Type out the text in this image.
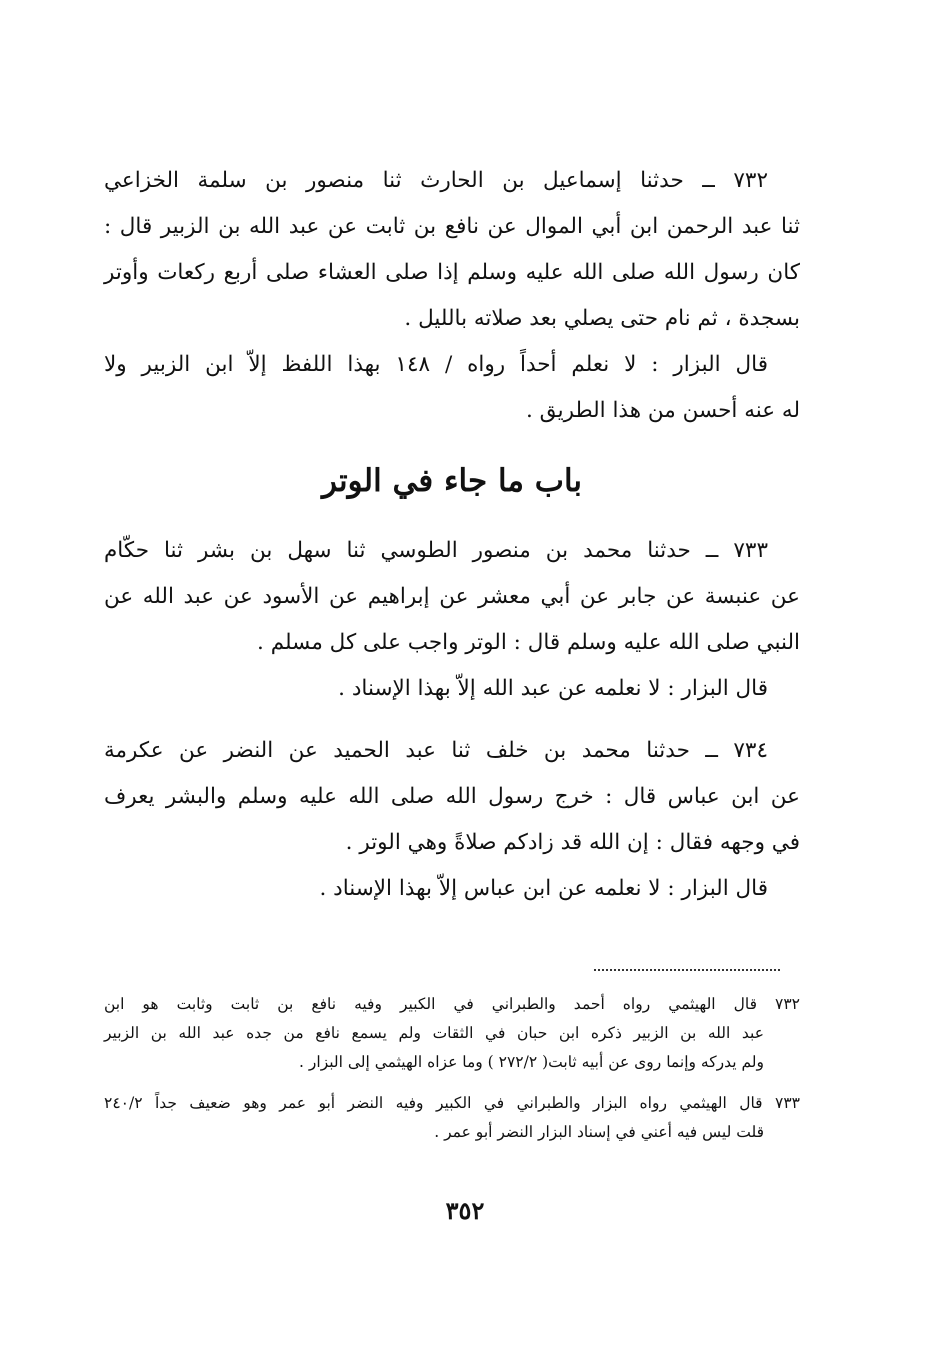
٧٣٢ ــ حدثنا إسماعيل بن الحارث ثنا منصور بن سلمة الخزاعي
ثنا عبد الرحمن ابن أبي الموال عن نافع بن ثابت عن عبد الله بن الزبير قال :
كان رسول الله صلى الله عليه وسلم إذا صلى العشاء صلى أربع ركعات وأوتر
بسجدة ، ثم نام حتى يصلي بعد صلاته بالليل .
قال البزار : لا نعلم أحداً رواه / ١٤٨ بهذا اللفظ إلاّ ابن الزبير ولا
له عنه أحسن من هذا الطريق .
باب ما جاء في الوتر
٧٣٣ ــ حدثنا محمد بن منصور الطوسي ثنا سهل بن بشر ثنا حكّام
عن عنبسة عن جابر عن أبي معشر عن إبراهيم عن الأسود عن عبد الله عن
النبي صلى الله عليه وسلم قال : الوتر واجب على كل مسلم .
قال البزار : لا نعلمه عن عبد الله إلاّ بهذا الإسناد .
٧٣٤ ــ حدثنا محمد بن خلف ثنا عبد الحميد عن النضر عن عكرمة
عن ابن عباس قال : خرج رسول الله صلى الله عليه وسلم والبشر يعرف
في وجهه فقال : إن الله قد زادكم صلاةً وهي الوتر .
قال البزار : لا نعلمه عن ابن عباس إلاّ بهذا الإسناد .
٧٣٢ قال الهيثمي رواه أحمد والطبراني في الكبير وفيه نافع بن ثابت وثابت هو ابن
عبد الله بن الزبير ذكره ابن حبان في الثقات ولم يسمع نافع من جده عبد الله بن الزبير
ولم يدركه وإنما روى عن أبيه ثابت( ٢٧٢/٢ ) وما عزاه الهيثمي إلى البزار .
٧٣٣ قال الهيثمي رواه البزار والطبراني في الكبير وفيه النضر أبو عمر وهو ضعيف جداً ٢٤٠/٢
قلت ليس فيه أعني في إسناد البزار النضر أبو عمر .
٣٥٢
